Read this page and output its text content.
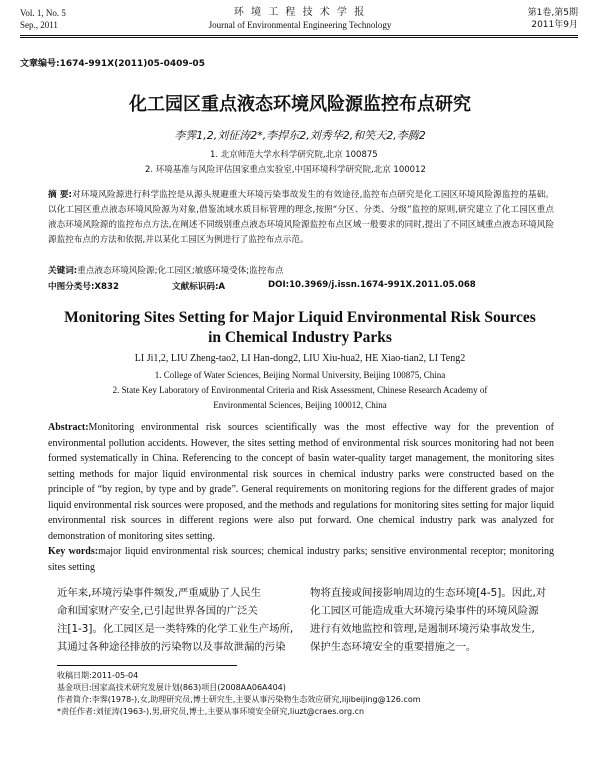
Vol. 1, No. 5
Sep., 2011
环 境 工 程 技 术 学 报
Journal of Environmental Engineering Technology
第1卷,第5期
2011年9月
文章编号:1674-991X(2011)05-0409-05
化工园区重点液态环境风险源监控布点研究
李霁1,2,刘征涛2*,李捍东2,刘秀华2,和笑天2,李腾2
1. 北京师范大学水科学研究院,北京 100875
2. 环境基准与风险评估国家重点实验室,中国环境科学研究院,北京 100012
摘 要:对环境风险源进行科学监控是从源头规避重大环境污染事故发生的有效途径,监控布点研究是化工园区环境风险源监控的基础。以化工园区重点液态环境风险源为对象,借鉴流域水质目标管理的理念,按照“分区、分类、分级”监控的原则,研究建立了化工园区重点液态环境风险源的监控布点方法,在阐述不同级别重点液态环境风险源监控布点区域一般要求的同时,提出了不同区域重点液态环境风险源监控布点的方法和依据,并以某化工园区为例进行了监控布点示范。
关键词:重点液态环境风险源;化工园区;敏感环境受体;监控布点
中图分类号:X832	文献标识码:A	DOI:10.3969/j.issn.1674-991X.2011.05.068
Monitoring Sites Setting for Major Liquid Environmental Risk Sources
in Chemical Industry Parks
LI Ji1,2, LIU Zheng-tao2, LI Han-dong2, LIU Xiu-hua2, HE Xiao-tian2, LI Teng2
1. College of Water Sciences, Beijing Normal University, Beijing 100875, China
2. State Key Laboratory of Environmental Criteria and Risk Assessment, Chinese Research Academy of
Environmental Sciences, Beijing 100012, China
Abstract:Monitoring environmental risk sources scientifically was the most effective way for the prevention of environmental pollution accidents. However, the sites setting method of environmental risk sources monitoring had not been formed systematically in China. Referencing to the concept of basin water-quality target management, the monitoring sites setting methods for major liquid environmental risk sources in chemical industry parks were constructed based on the principle of “by region, by type and by grade”. General requirements on monitoring regions for the different grades of major liquid environmental risk sources were proposed, and the methods and regulations for monitoring sites setting for major liquid environmental risk sources in different regions were also put forward. One chemical industry park was analyzed for demonstration of monitoring sites setting.
Key words:major liquid environmental risk sources; chemical industry parks; sensitive environmental receptor; monitoring sites setting
近年来,环境污染事件频发,严重威胁了人民生
命和国家财产安全,已引起世界各国的广泛关
注[1-3]。化工园区是一类特殊的化学工业生产场所,
其通过各种途径排放的污染物以及事故泄漏的污染
物将直接或间接影响周边的生态环境[4-5]。因此,对
化工园区可能造成重大环境污染事件的环境风险源
进行有效地监控和管理,是遏制环境污染事故发生,
保护生态环境安全的重要措施之一。
收稿日期:2011-05-04
基金项目:国家高技术研究发展计划(863)项目(2008AA06A404)
作者简介:李霁(1978-),女,助理研究员,博士研究生,主要从事污染物生态效应研究,lijibeijing@126.com
*责任作者:刘征涛(1963-),男,研究员,博士,主要从事环境安全研究,liuzt@craes.org.cn
